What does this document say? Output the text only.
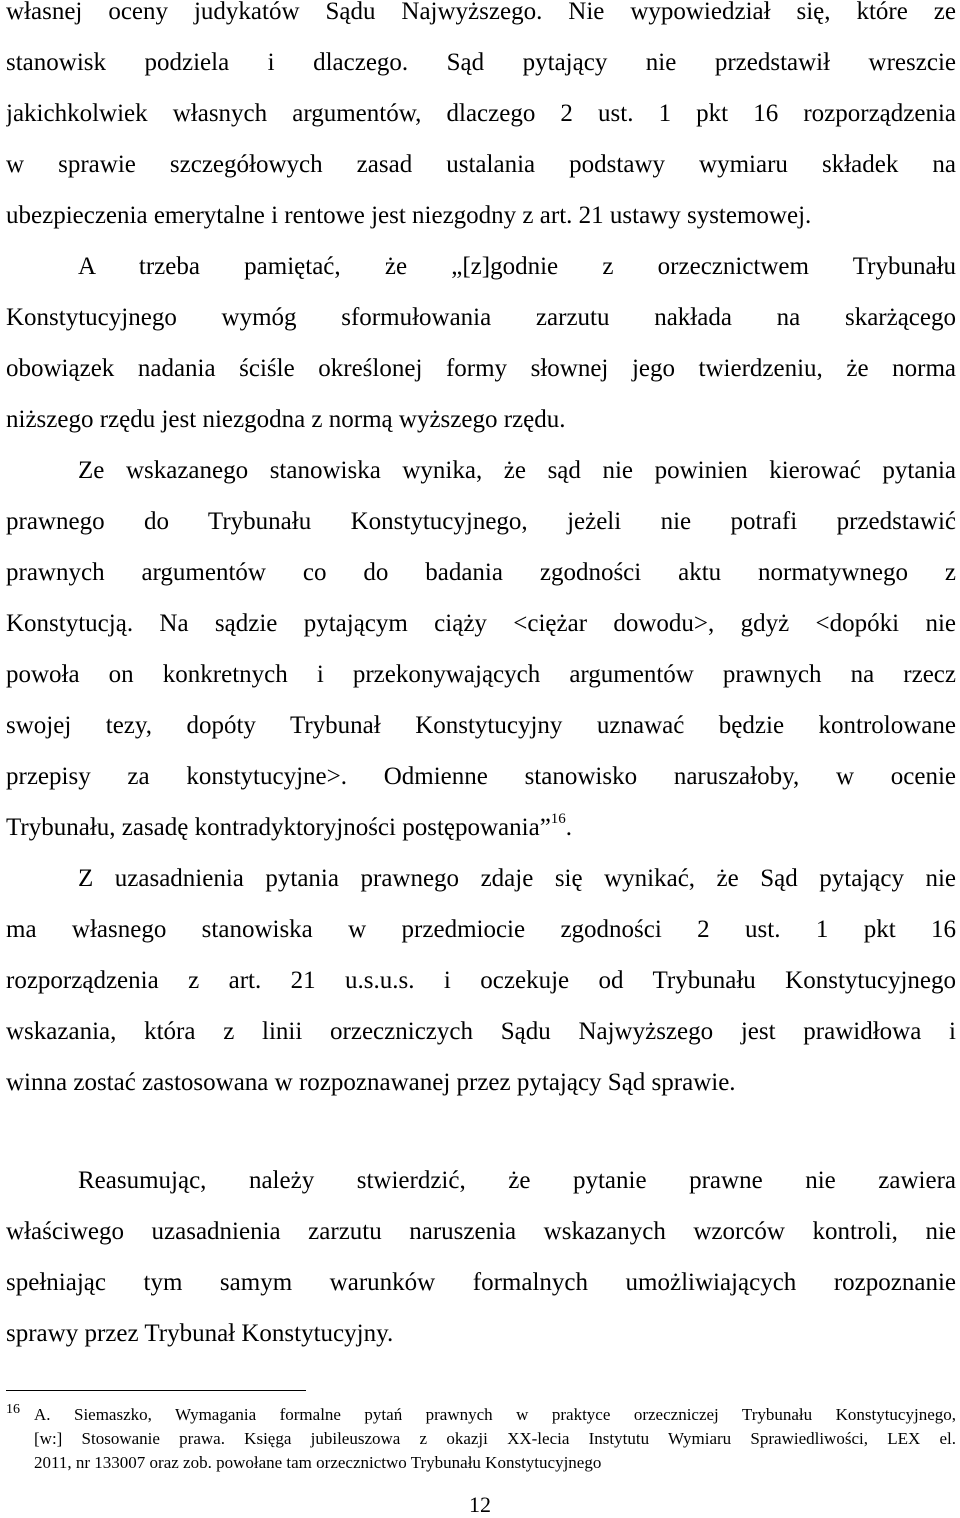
własnej oceny judykatów Sądu Najwyższego. Nie wypowiedział się, które ze
stanowisk podziela i dlaczego. Sąd pytający nie przedstawił wreszcie
jakichkolwiek własnych argumentów, dlaczego 2 ust. 1 pkt 16 rozporządzenia
w sprawie szczegółowych zasad ustalania podstawy wymiaru składek na
ubezpieczenia emerytalne i rentowe jest niezgodny z art. 21 ustawy systemowej.
A trzeba pamiętać, że „[z]godnie z orzecznictwem Trybunału
Konstytucyjnego wymóg sformułowania zarzutu nakłada na skarżącego
obowiązek nadania ściśle określonej formy słownej jego twierdzeniu, że norma
niższego rzędu jest niezgodna z normą wyższego rzędu.
Ze wskazanego stanowiska wynika, że sąd nie powinien kierować pytania
prawnego do Trybunału Konstytucyjnego, jeżeli nie potrafi przedstawić
prawnych argumentów co do badania zgodności aktu normatywnego z
Konstytucją. Na sądzie pytającym ciąży <ciężar dowodu>, gdyż <dopóki nie
powoła on konkretnych i przekonywających argumentów prawnych na rzecz
swojej tezy, dopóty Trybunał Konstytucyjny uznawać będzie kontrolowane
przepisy za konstytucyjne>. Odmienne stanowisko naruszałoby, w ocenie
Trybunału, zasadę kontradyktoryjności postępowania”$^{16}$.
Z uzasadnienia pytania prawnego zdaje się wynikać, że Sąd pytający nie
ma własnego stanowiska w przedmiocie zgodności 2 ust. 1 pkt 16
rozporządzenia z art. 21 u.s.u.s. i oczekuje od Trybunału Konstytucyjnego
wskazania, która z linii orzeczniczych Sądu Najwyższego jest prawidłowa i
winna zostać zastosowana w rozpoznawanej przez pytający Sąd sprawie.
Reasumując, należy stwierdzić, że pytanie prawne nie zawiera
właściwego uzasadnienia zarzutu naruszenia wskazanych wzorców kontroli, nie
spełniając tym samym warunków formalnych umożliwiających rozpoznanie
sprawy przez Trybunał Konstytucyjny.
16 A. Siemaszko, Wymagania formalne pytań prawnych w praktyce orzeczniczej Trybunału Konstytucyjnego,
[w:] Stosowanie prawa. Księga jubileuszowa z okazji XX-lecia Instytutu Wymiaru Sprawiedliwości, LEX el.
2011, nr 133007 oraz zob. powołane tam orzecznictwo Trybunału Konstytucyjnego
12
